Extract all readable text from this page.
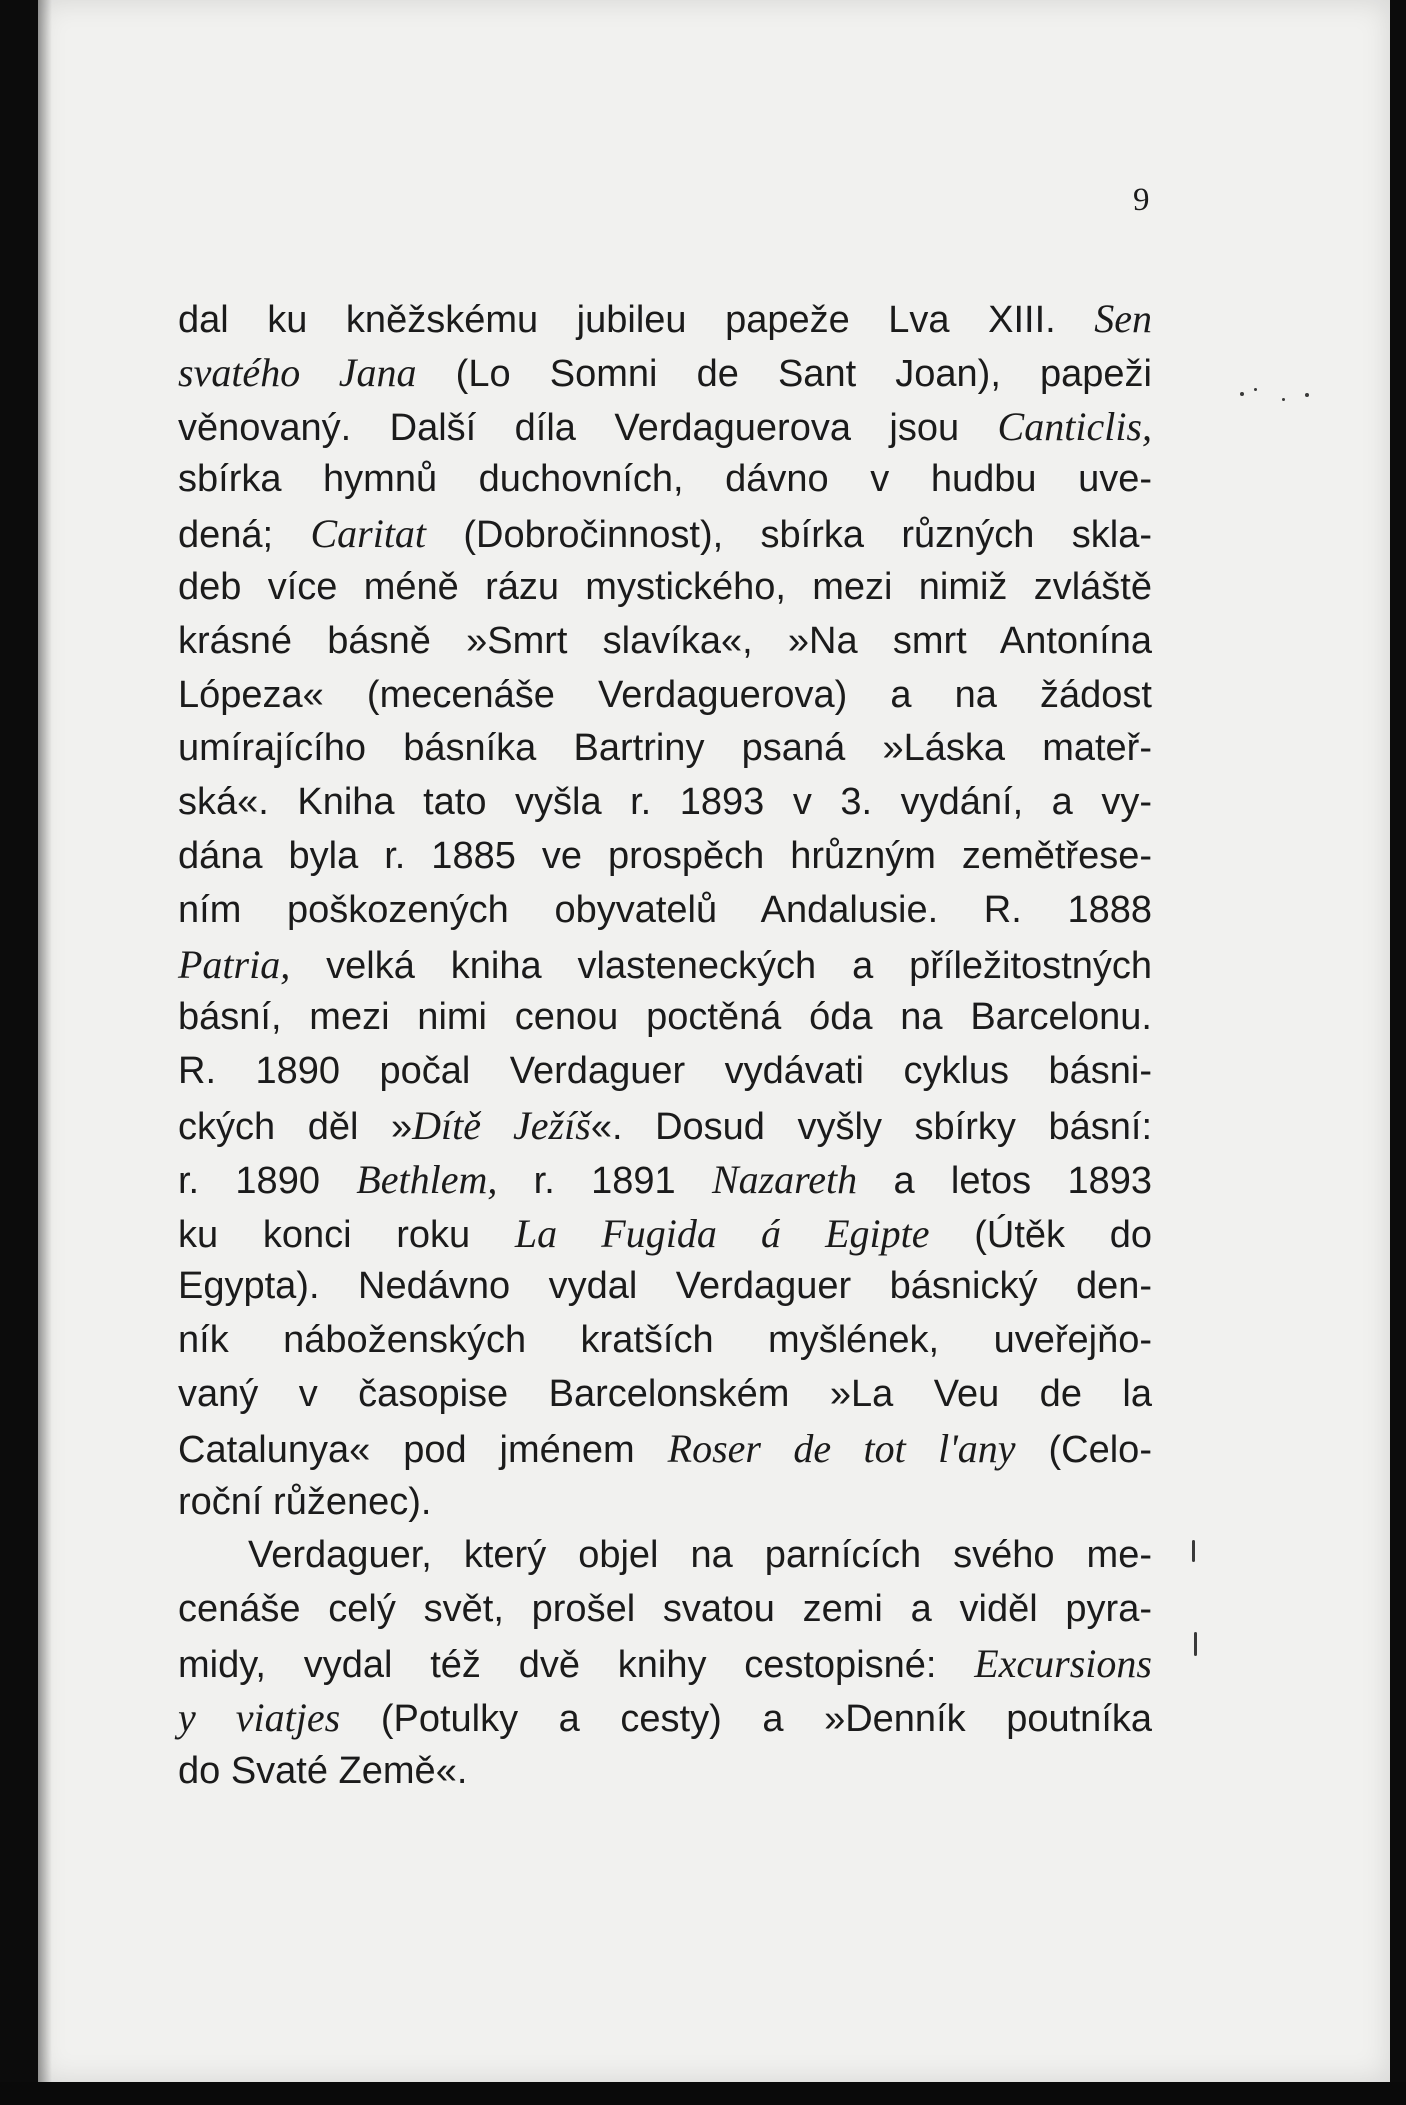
9
dal ku kněžskému jubileu papeže Lva XIII. Sen
svatého Jana (Lo Somni de Sant Joan), papeži
věnovaný. Další díla Verdaguerova jsou Canticlis,
sbírka hymnů duchovních, dávno v hudbu uve-
dená; Caritat (Dobročinnost), sbírka různých skla-
deb více méně rázu mystického, mezi nimiž zvláště
krásné básně »Smrt slavíka«, »Na smrt Antonína
Lópeza« (mecenáše Verdaguerova) a na žádost
umírajícího básníka Bartriny psaná »Láska mateř-
ská«. Kniha tato vyšla r. 1893 v 3. vydání, a vy-
dána byla r. 1885 ve prospěch hrůzným zemětřese-
ním poškozených obyvatelů Andalusie. R. 1888
Patria, velká kniha vlasteneckých a příležitostných
básní, mezi nimi cenou poctěná óda na Barcelonu.
R. 1890 počal Verdaguer vydávati cyklus básni-
ckých děl »Dítě Ježíš«. Dosud vyšly sbírky básní:
r. 1890 Bethlem, r. 1891 Nazareth a letos 1893
ku konci roku La Fugida á Egipte (Útěk do
Egypta). Nedávno vydal Verdaguer básnický den-
ník náboženských kratších myšlének, uveřejňo-
vaný v časopise Barcelonském »La Veu de la
Catalunya« pod jménem Roser de tot l'any (Celo-
roční růženec).
Verdaguer, který objel na parnících svého me-
cenáše celý svět, prošel svatou zemi a viděl pyra-
midy, vydal též dvě knihy cestopisné: Excursions
y viatjes (Potulky a cesty) a »Denník poutníka
do Svaté Země«.
